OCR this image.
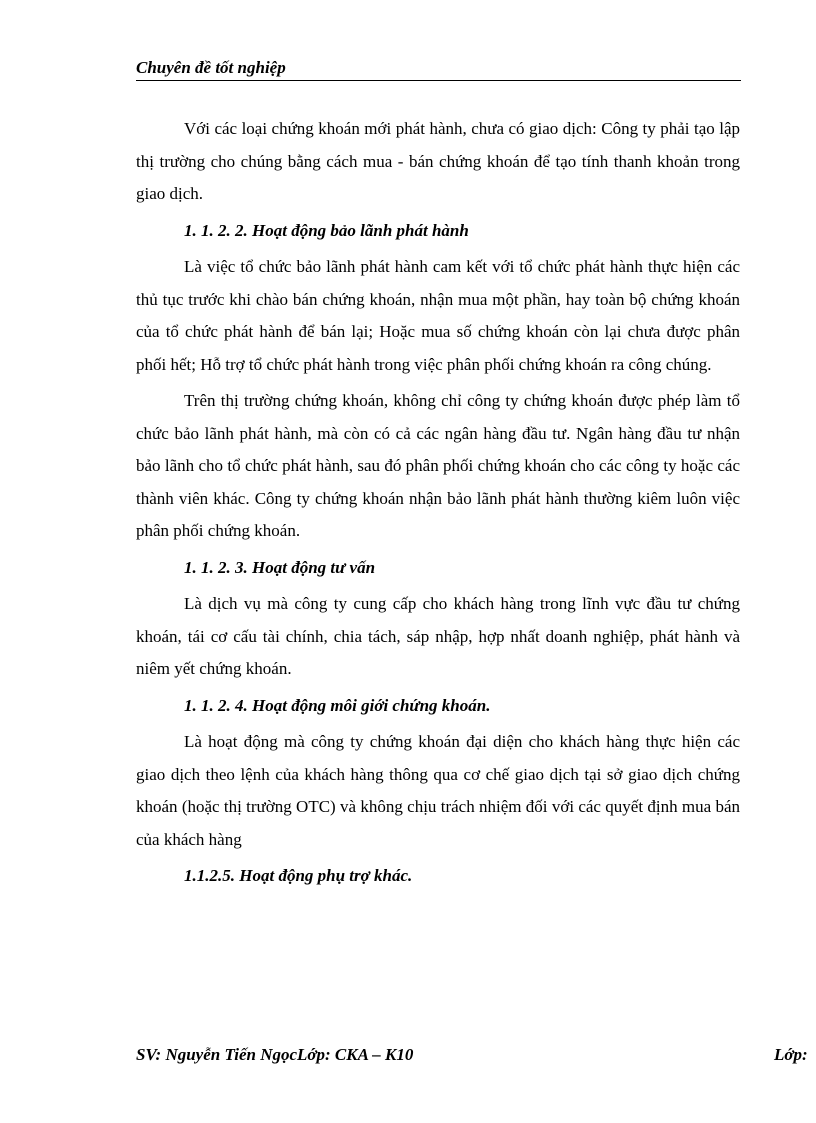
Chuyên đề tốt nghiệp

Với các loại chứng khoán mới phát hành, chưa có giao dịch: Công ty phải tạo lập thị trường cho chúng bằng cách mua - bán chứng khoán để tạo tính thanh khoản trong giao dịch.

1. 1. 2. 2. Hoạt động bảo lãnh phát hành

Là việc tổ chức bảo lãnh phát hành cam kết với tổ chức phát hành thực hiện các thủ tục trước khi chào bán chứng khoán, nhận mua một phần, hay toàn bộ chứng khoán của tổ chức phát hành để bán lại; Hoặc mua số chứng khoán còn lại chưa được phân phối hết; Hỗ trợ tổ chức phát hành trong việc phân phối chứng khoán ra công chúng.

Trên thị trường chứng khoán, không chỉ công ty chứng khoán được phép làm tổ chức bảo lãnh phát hành, mà còn có cả các ngân hàng đầu tư. Ngân hàng đầu tư nhận bảo lãnh cho tổ chức phát hành, sau đó phân phối chứng khoán cho các công ty hoặc các thành viên khác. Công ty chứng khoán nhận bảo lãnh phát hành thường kiêm luôn việc phân phối chứng khoán.

1. 1. 2. 3. Hoạt động tư vấn

Là dịch vụ mà công ty cung cấp cho khách hàng trong lĩnh vực đầu tư chứng khoán, tái cơ cấu tài chính, chia tách, sáp nhập, hợp nhất doanh nghiệp, phát hành và niêm yết chứng khoán.

1. 1. 2. 4. Hoạt động môi giới chứng khoán.

Là hoạt động mà công ty chứng khoán đại diện cho khách hàng thực hiện các giao dịch theo lệnh của khách hàng thông qua cơ chế giao dịch tại sở giao dịch chứng khoán (hoặc thị trường OTC) và không chịu trách nhiệm đối với các quyết định mua bán của khách hàng

1.1.2.5. Hoạt động phụ trợ khác.

SV: Nguyễn Tiến NgọcLớp: CKA – K10	Lớp:
